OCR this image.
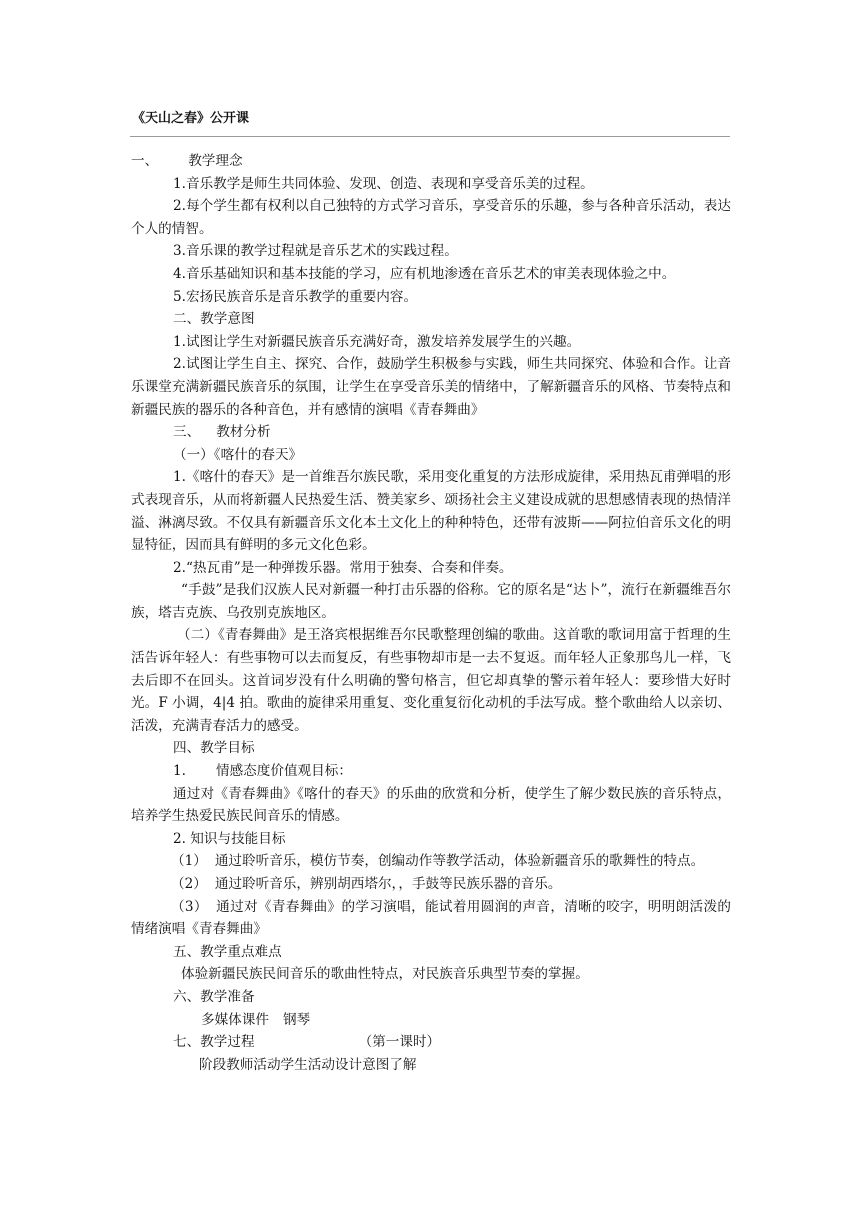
《天山之春》公开课

一、 教学理念

1.音乐教学是师生共同体验、发现、创造、表现和享受音乐美的过程。

2.每个学生都有权利以自己独特的方式学习音乐，享受音乐的乐趣，参与各种音乐活动，表达个人的情智。

3.音乐课的教学过程就是音乐艺术的实践过程。

4.音乐基础知识和基本技能的学习，应有机地渗透在音乐艺术的审美表现体验之中。

5.宏扬民族音乐是音乐教学的重要内容。

二、教学意图

1.试图让学生对新疆民族音乐充满好奇，激发培养发展学生的兴趣。

2.试图让学生自主、探究、合作，鼓励学生积极参与实践，师生共同探究、体验和合作。让音乐课堂充满新疆民族音乐的氛围，让学生在享受音乐美的情绪中，了解新疆音乐的风格、节奏特点和新疆民族的器乐的各种音色，并有感情的演唱《青春舞曲》

三、 教材分析

（一）《喀什的春天》

1.《喀什的春天》是一首维吾尔族民歌，采用变化重复的方法形成旋律，采用热瓦甫弹唱的形式表现音乐，从而将新疆人民热爱生活、赞美家乡、颂扬社会主义建设成就的思想感情表现的热情洋溢、淋漓尽致。不仅具有新疆音乐文化本土文化上的种种特色，还带有波斯——阿拉伯音乐文化的明显特征，因而具有鲜明的多元文化色彩。

2.“热瓦甫”是一种弹拨乐器。常用于独奏、合奏和伴奏。

“手鼓”是我们汉族人民对新疆一种打击乐器的俗称。它的原名是“达卜”，流行在新疆维吾尔族，塔吉克族、乌孜别克族地区。

（二）《青春舞曲》是王洛宾根据维吾尔民歌整理创编的歌曲。这首歌的歌词用富于哲理的生活告诉年轻人：有些事物可以去而复反，有些事物却市是一去不复返。而年轻人正象那鸟儿一样，飞去后即不在回头。这首词岁没有什么明确的警句格言，但它却真挚的警示着年轻人：要珍惜大好时光。F 小调，4|4 拍。歌曲的旋律采用重复、变化重复衍化动机的手法写成。整个歌曲给人以亲切、活泼，充满青春活力的感受。

四、教学目标

1. 情感态度价值观目标：

通过对《青春舞曲》《喀什的春天》的乐曲的欣赏和分析，使学生了解少数民族的音乐特点，培养学生热爱民族民间音乐的情感。

2. 知识与技能目标

（1） 通过聆听音乐，模仿节奏，创编动作等教学活动，体验新疆音乐的歌舞性的特点。

（2） 通过聆听音乐，辨别胡西塔尔，，手鼓等民族乐器的音乐。

（3） 通过对《青春舞曲》的学习演唱，能试着用圆润的声音，清晰的咬字，明明朗活泼的情绪演唱《青春舞曲》

五、教学重点难点

体验新疆民族民间音乐的歌曲性特点，对民族音乐典型节奏的掌握。

六、教学准备

多媒体课件 钢琴

七、教学过程	（第一课时）

阶段教师活动学生活动设计意图了解
